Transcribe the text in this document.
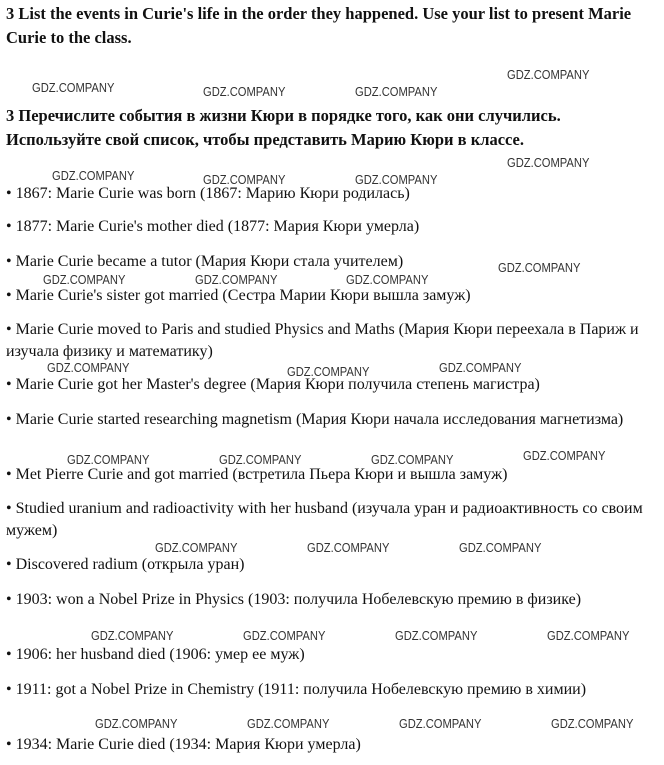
3 List the events in Curie's life in the order they happened. Use your list to present Marie Curie to the class.

3 Перечислите события в жизни Кюри в порядке того, как они случились. Используйте свой список, чтобы представить Марию Кюри в классе.

• 1867: Marie Curie was born (1867: Марию Кюри родилась)

• 1877: Marie Curie's mother died (1877: Мария Кюри умерла)

• Marie Curie became a tutor (Мария Кюри стала учителем)

• Marie Curie's sister got married (Сестра Марии Кюри вышла замуж)

• Marie Curie moved to Paris and studied Physics and Maths (Мария Кюри переехала в Париж и изучала физику и математику)

• Marie Curie got her Master's degree (Мария Кюри получила степень магистра)

• Marie Curie started researching magnetism (Мария Кюри начала исследования магнетизма)

• Met Pierre Curie and got married (встретила Пьера Кюри и вышла замуж)

• Studied uranium and radioactivity with her husband (изучала уран и радиоактивность со своим мужем)

• Discovered radium (открыла уран)

• 1903: won a Nobel Prize in Physics (1903: получила Нобелевскую премию в физике)

• 1906: her husband died (1906: умер ее муж)

• 1911: got a Nobel Prize in Chemistry (1911: получила Нобелевскую премию в химии)

• 1934: Marie Curie died (1934: Мария Кюри умерла)

GDZ.COMPANY	GDZ.COMPANY	GDZ.COMPANY
GDZ.COMPANY
GDZ.COMPANY	GDZ.COMPANY	GDZ.COMPANY
GDZ.COMPANY
GDZ.COMPANY
GDZ.COMPANY	GDZ.COMPANY	GDZ.COMPANY
GDZ.COMPANY	GDZ.COMPANY	GDZ.COMPANY
GDZ.COMPANY	GDZ.COMPANY	GDZ.COMPANY	GDZ.COMPANY
GDZ.COMPANY	GDZ.COMPANY	GDZ.COMPANY
GDZ.COMPANY	GDZ.COMPANY	GDZ.COMPANY	GDZ.COMPANY
GDZ.COMPANY	GDZ.COMPANY	GDZ.COMPANY	GDZ.COMPANY
